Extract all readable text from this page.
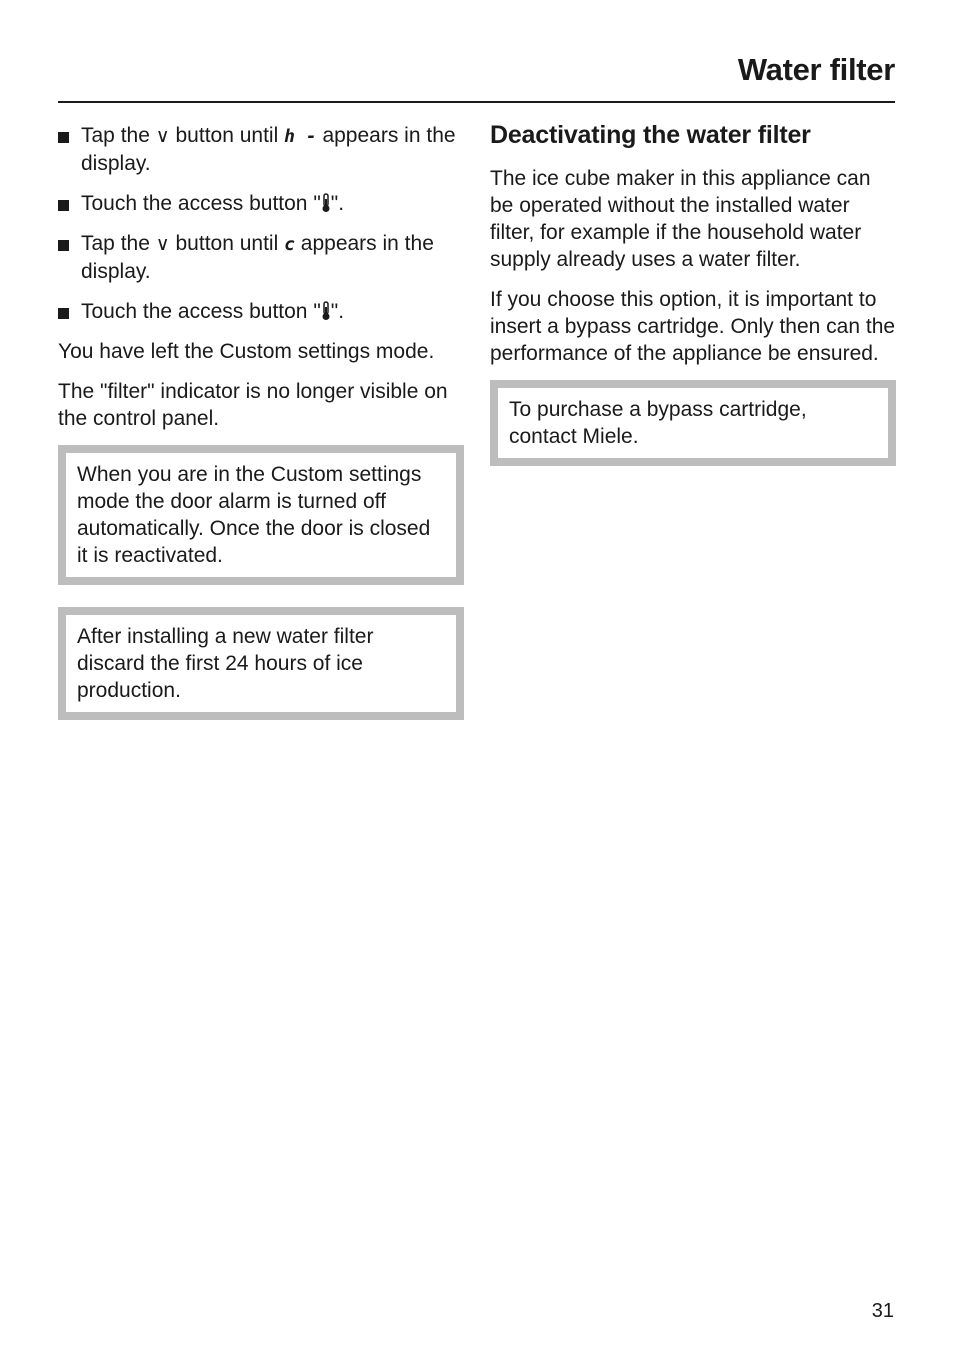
Water filter
Tap the ∨ button until h - appears in the display.
Touch the access button " ".
Tap the ∨ button until c appears in the display.
Touch the access button " ".

You have left the Custom settings mode.

The "filter" indicator is no longer visible on the control panel.

When you are in the Custom settings mode the door alarm is turned off automatically. Once the door is closed it is reactivated.
After installing a new water filter discard the first 24 hours of ice production.
Deactivating the water filter

The ice cube maker in this appliance can be operated without the installed water filter, for example if the household water supply already uses a water filter.

If you choose this option, it is important to insert a bypass cartridge. Only then can the performance of the appliance be ensured.

To purchase a bypass cartridge, contact Miele.
31
